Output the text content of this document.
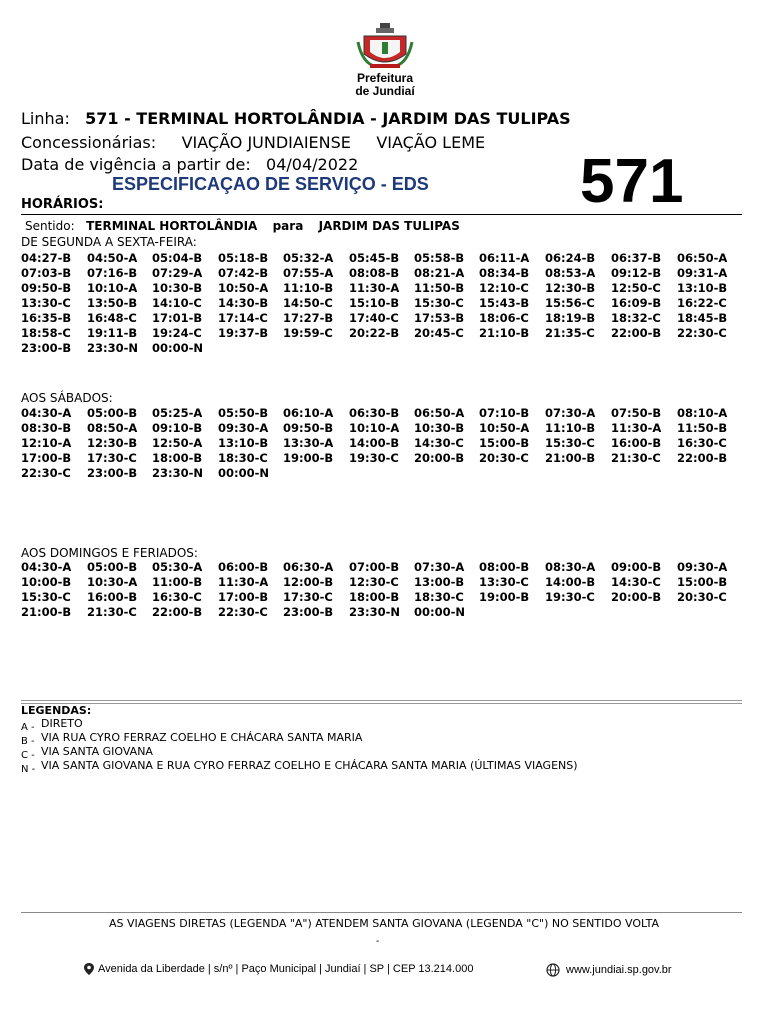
Prefeitura
de Jundiaí
Linha: 571 - TERMINAL HORTOLÂNDIA - JARDIM DAS TULIPAS
Concessionárias: VIAÇÃO JUNDIAIENSE VIAÇÃO LEME
Data de vigência a partir de: 04/04/2022
ESPECIFICAÇAO DE SERVIÇO - EDS 571
HORÁRIOS:
Sentido: TERMINAL HORTOLÂNDIA para JARDIM DAS TULIPAS
DE SEGUNDA A SEXTA-FEIRA:
04:27-B 04:50-A 05:04-B 05:18-B 05:32-A 05:45-B 05:58-B 06:11-A 06:24-B 06:37-B 06:50-A
07:03-B 07:16-B 07:29-A 07:42-B 07:55-A 08:08-B 08:21-A 08:34-B 08:53-A 09:12-B 09:31-A
09:50-B 10:10-A 10:30-B 10:50-A 11:10-B 11:30-A 11:50-B 12:10-C 12:30-B 12:50-C 13:10-B
13:30-C 13:50-B 14:10-C 14:30-B 14:50-C 15:10-B 15:30-C 15:43-B 15:56-C 16:09-B 16:22-C
16:35-B 16:48-C 17:01-B 17:14-C 17:27-B 17:40-C 17:53-B 18:06-C 18:19-B 18:32-C 18:45-B
18:58-C 19:11-B 19:24-C 19:37-B 19:59-C 20:22-B 20:45-C 21:10-B 21:35-C 22:00-B 22:30-C
23:00-B 23:30-N 00:00-N
AOS SÁBADOS:
04:30-A 05:00-B 05:25-A 05:50-B 06:10-A 06:30-B 06:50-A 07:10-B 07:30-A 07:50-B 08:10-A
08:30-B 08:50-A 09:10-B 09:30-A 09:50-B 10:10-A 10:30-B 10:50-A 11:10-B 11:30-A 11:50-B
12:10-A 12:30-B 12:50-A 13:10-B 13:30-A 14:00-B 14:30-C 15:00-B 15:30-C 16:00-B 16:30-C
17:00-B 17:30-C 18:00-B 18:30-C 19:00-B 19:30-C 20:00-B 20:30-C 21:00-B 21:30-C 22:00-B
22:30-C 23:00-B 23:30-N 00:00-N
AOS DOMINGOS E FERIADOS:
04:30-A 05:00-B 05:30-A 06:00-B 06:30-A 07:00-B 07:30-A 08:00-B 08:30-A 09:00-B 09:30-A
10:00-B 10:30-A 11:00-B 11:30-A 12:00-B 12:30-C 13:00-B 13:30-C 14:00-B 14:30-C 15:00-B
15:30-C 16:00-B 16:30-C 17:00-B 17:30-C 18:00-B 18:30-C 19:00-B 19:30-C 20:00-B 20:30-C
21:00-B 21:30-C 22:00-B 22:30-C 23:00-B 23:30-N 00:00-N
LEGENDAS:
A - DIRETO
B - VIA RUA CYRO FERRAZ COELHO E CHÁCARA SANTA MARIA
C - VIA SANTA GIOVANA
N - VIA SANTA GIOVANA E RUA CYRO FERRAZ COELHO E CHÁCARA SANTA MARIA (ÚLTIMAS VIAGENS)
AS VIAGENS DIRETAS (LEGENDA "A") ATENDEM SANTA GIOVANA (LEGENDA "C") NO SENTIDO VOLTA
-
Avenida da Liberdade | s/nº | Paço Municipal | Jundiaí | SP | CEP 13.214.000	www.jundiai.sp.gov.br
